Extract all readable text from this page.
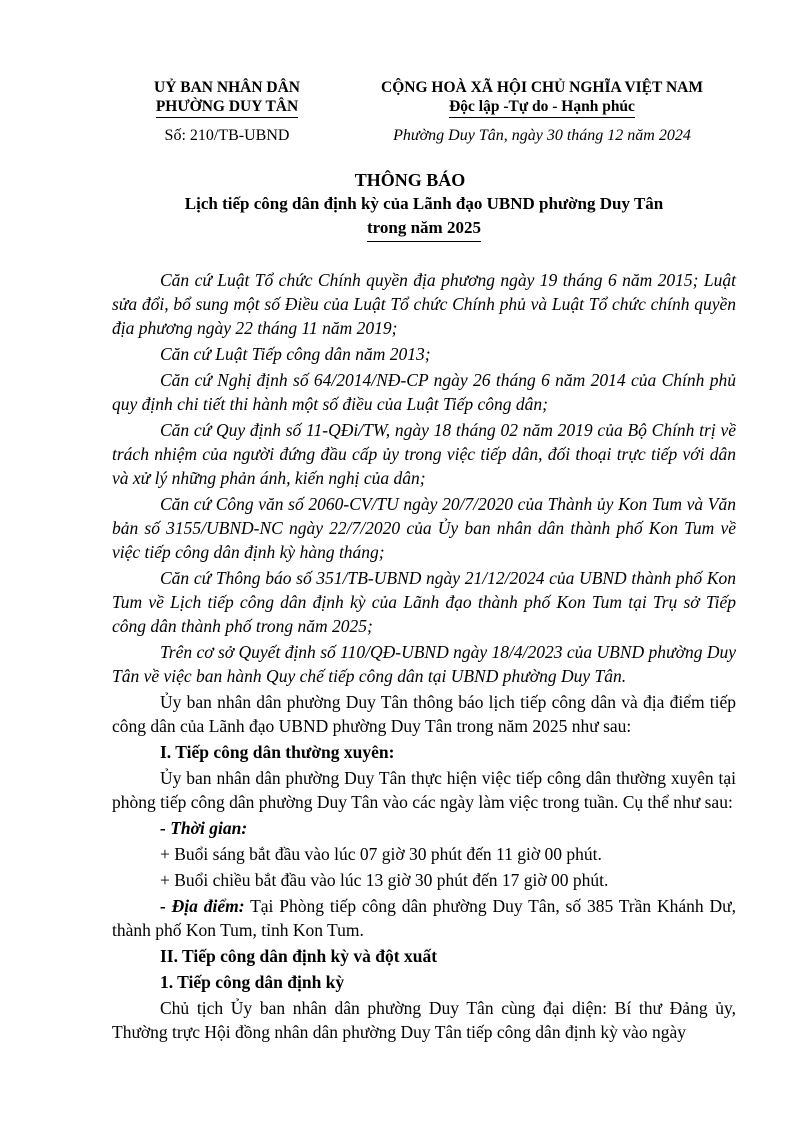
UỶ BAN NHÂN DÂN
PHƯỜNG DUY TÂN
CỘNG HOÀ XÃ HỘI CHỦ NGHĨA VIỆT NAM
Độc lập -Tự do - Hạnh phúc
Số: 210/TB-UBND	Phường Duy Tân, ngày 30 tháng 12 năm 2024
THÔNG BÁO
Lịch tiếp công dân định kỳ của Lãnh đạo UBND phường Duy Tân
trong năm 2025

Căn cứ Luật Tổ chức Chính quyền địa phương ngày 19 tháng 6 năm 2015; Luật sửa đổi, bổ sung một số Điều của Luật Tổ chức Chính phủ và Luật Tổ chức chính quyền địa phương ngày 22 tháng 11 năm 2019;

Căn cứ Luật Tiếp công dân năm 2013;

Căn cứ Nghị định số 64/2014/NĐ-CP ngày 26 tháng 6 năm 2014 của Chính phủ quy định chi tiết thi hành một số điều của Luật Tiếp công dân;

Căn cứ Quy định số 11-QĐi/TW, ngày 18 tháng 02 năm 2019 của Bộ Chính trị về trách nhiệm của người đứng đầu cấp ủy trong việc tiếp dân, đối thoại trực tiếp với dân và xử lý những phản ánh, kiến nghị của dân;

Căn cứ Công văn số 2060-CV/TU ngày 20/7/2020 của Thành ủy Kon Tum và Văn bản số 3155/UBND-NC ngày 22/7/2020 của Ủy ban nhân dân thành phố Kon Tum về việc tiếp công dân định kỳ hàng tháng;

Căn cứ Thông báo số 351/TB-UBND ngày 21/12/2024 của UBND thành phố Kon Tum về Lịch tiếp công dân định kỳ của Lãnh đạo thành phố Kon Tum tại Trụ sở Tiếp công dân thành phố trong năm 2025;

Trên cơ sở Quyết định số 110/QĐ-UBND ngày 18/4/2023 của UBND phường Duy Tân về việc ban hành Quy chế tiếp công dân tại UBND phường Duy Tân.

Ủy ban nhân dân phường Duy Tân thông báo lịch tiếp công dân và địa điểm tiếp công dân của Lãnh đạo UBND phường Duy Tân trong năm 2025 như sau:

I. Tiếp công dân thường xuyên:

Ủy ban nhân dân phường Duy Tân thực hiện việc tiếp công dân thường xuyên tại phòng tiếp công dân phường Duy Tân vào các ngày làm việc trong tuần. Cụ thể như sau:

- Thời gian:

+ Buổi sáng bắt đầu vào lúc 07 giờ 30 phút đến 11 giờ 00 phút.

+ Buổi chiều bắt đầu vào lúc 13 giờ 30 phút đến 17 giờ 00 phút.

- Địa điểm: Tại Phòng tiếp công dân phường Duy Tân, số 385 Trần Khánh Dư, thành phố Kon Tum, tỉnh Kon Tum.

II. Tiếp công dân định kỳ và đột xuất

1. Tiếp công dân định kỳ

Chủ tịch Ủy ban nhân dân phường Duy Tân cùng đại diện: Bí thư Đảng ủy, Thường trực Hội đồng nhân dân phường Duy Tân tiếp công dân định kỳ vào ngày
